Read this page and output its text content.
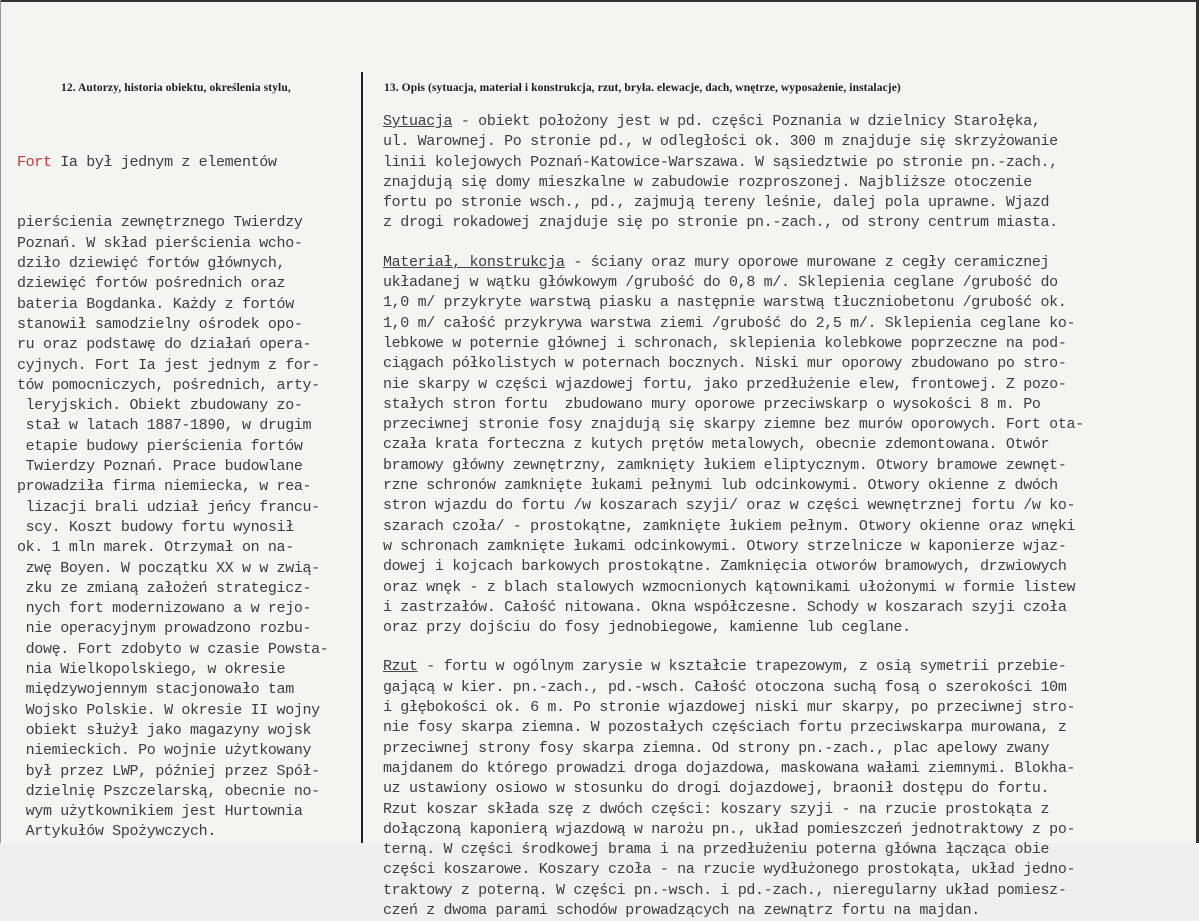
12. Autorzy, historia obiektu, określenia stylu,	13. Opis (sytuacja, materiał i konstrukcja, rzut, bryła. elewacje, dach, wnętrze, wyposażenie, instalacje)

Fort Ia był jednym z elementów

pierścienia zewnętrznego Twierdzy
Poznań. W skład pierścienia wcho-
dziło dziewięć fortów głównych,
dziewięć fortów pośrednich oraz
bateria Bogdanka. Każdy z fortów
stanowił samodzielny ośrodek opo-
ru oraz podstawę do działań opera-
cyjnych. Fort Ia jest jednym z for-
tów pomocniczych, pośrednich, arty-
leryjskich. Obiekt zbudowany zo-
stał w latach 1887-1890, w drugim
etapie budowy pierścienia fortów
Twierdzy Poznań. Prace budowlane
prowadziła firma niemiecka, w rea-
lizacji brali udział jeńcy francu-
scy. Koszt budowy fortu wynosił
ok. 1 mln marek. Otrzymał on na-
zwę Boyen. W początku XX w w zwią-
zku ze zmianą założeń strategicz-
nych fort modernizowano a w rejo-
nie operacyjnym prowadzono rozbu-
dowę. Fort zdobyto w czasie Powsta-
nia Wielkopolskiego, w okresie
międzywojennym stacjonowało tam
Wojsko Polskie. W okresie II wojny
obiekt służył jako magazyny wojsk
niemieckich. Po wojnie użytkowany
był przez LWP, później przez Spół-
dzielnię Pszczelarską, obecnie no-
wym użytkownikiem jest Hurtownia
Artykułów Spożywczych.

Sytuacja - obiekt położony jest w pd. części Poznania w dzielnicy Starołęka,
ul. Warownej. Po stronie pd., w odległości ok. 300 m znajduje się skrzyżowanie
linii kolejowych Poznań-Katowice-Warszawa. W sąsiedztwie po stronie pn.-zach.,
znajdują się domy mieszkalne w zabudowie rozproszonej. Najbliższe otoczenie
fortu po stronie wsch., pd., zajmują tereny leśnie, dalej pola uprawne. Wjazd
z drogi rokadowej znajduje się po stronie pn.-zach., od strony centrum miasta.
Materiał, konstrukcja - ściany oraz mury oporowe murowane z cegły ceramicznej
układanej w wątku główkowym /grubość do 0,8 m/. Sklepienia ceglane /grubość do
1,0 m/ przykryte warstwą piasku a następnie warstwą tłuczniobetonu /grubość ok.
1,0 m/ całość przykrywa warstwa ziemi /grubość do 2,5 m/. Sklepienia ceglane ko-
lebkowe w poternie głównej i schronach, sklepienia kolebkowe poprzeczne na pod-
ciągach półkolistych w poternach bocznych. Niski mur oporowy zbudowano po stro-
nie skarpy w części wjazdowej fortu, jako przedłużenie elew, frontowej. Z pozo-
stałych stron fortu  zbudowano mury oporowe przeciwskarp o wysokości 8 m. Po
przeciwnej stronie fosy znajdują się skarpy ziemne bez murów oporowych. Fort ota-
czała krata forteczna z kutych prętów metalowych, obecnie zdemontowana. Otwór
bramowy główny zewnętrzny, zamknięty łukiem eliptycznym. Otwory bramowe zewnęt-
rzne schronów zamknięte łukami pełnymi lub odcinkowymi. Otwory okienne z dwóch
stron wjazdu do fortu /w koszarach szyji/ oraz w części wewnętrznej fortu /w ko-
szarach czoła/ - prostokątne, zamknięte łukiem pełnym. Otwory okienne oraz wnęki
w schronach zamknięte łukami odcinkowymi. Otwory strzelnicze w kaponierze wjaz-
dowej i kojcach barkowych prostokątne. Zamknięcia otworów bramowych, drzwiowych
oraz wnęk - z blach stalowych wzmocnionych kątownikami ułożonymi w formie listew
i zastrzałów. Całość nitowana. Okna współczesne. Schody w koszarach szyji czoła
oraz przy dojściu do fosy jednobiegowe, kamienne lub ceglane.
Rzut - fortu w ogólnym zarysie w kształcie trapezowym, z osią symetrii przebie-
gającą w kier. pn.-zach., pd.-wsch. Całość otoczona suchą fosą o szerokości 10m
i głębokości ok. 6 m. Po stronie wjazdowej niski mur skarpy, po przeciwnej stro-
nie fosy skarpa ziemna. W pozostałych częściach fortu przeciwskarpa murowana, z
przeciwnej strony fosy skarpa ziemna. Od strony pn.-zach., plac apelowy zwany
majdanem do którego prowadzi droga dojazdowa, maskowana wałami ziemnymi. Blokha-
uz ustawiony osiowo w stosunku do drogi dojazdowej, braonił dostępu do fortu.
Rzut koszar składa szę z dwóch części: koszary szyji - na rzucie prostokąta z
dołączoną kaponierą wjazdową w narożu pn., układ pomieszczeń jednotraktowy z po-
terną. W części środkowej brama i na przedłużeniu poterna główna łącząca obie
części koszarowe. Koszary czoła - na rzucie wydłużonego prostokąta, układ jedno-
traktowy z poterną. W części pn.-wsch. i pd.-zach., nieregularny układ pomiesz-
czeń z dwoma parami schodów prowadzących na zewnątrz fortu na majdan.
